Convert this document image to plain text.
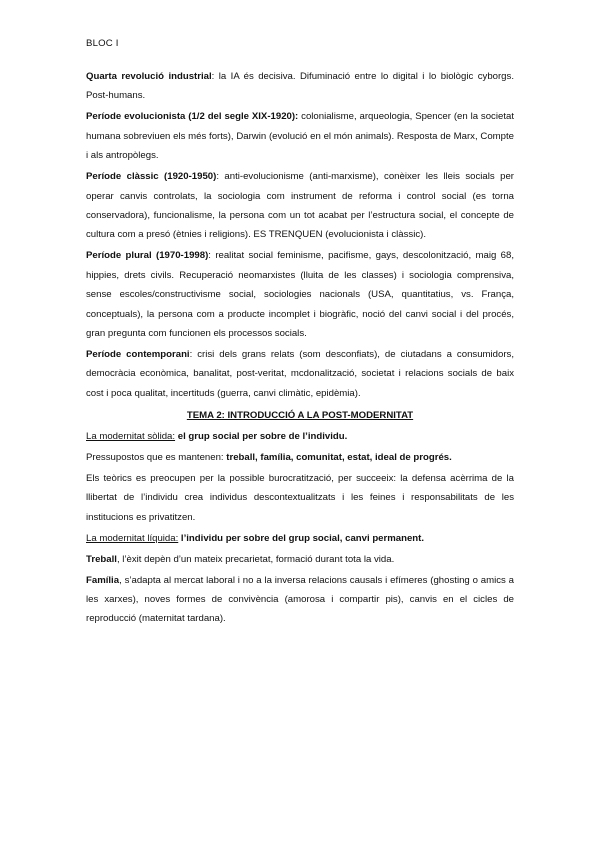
BLOC I

Quarta revolució industrial: la IA és decisiva. Difuminació entre lo digital i lo biològic cyborgs. Post-humans.

Període evolucionista (1/2 del segle XIX-1920): colonialisme, arqueologia, Spencer (en la societat humana sobreviuen els més forts), Darwin (evolució en el món animals). Resposta de Marx, Compte i als antropòlegs.

Període clàssic (1920-1950): anti-evolucionisme (anti-marxisme), conèixer les lleis socials per operar canvis controlats, la sociologia com instrument de reforma i control social (es torna conservadora), funcionalisme, la persona com un tot acabat per l’estructura social, el concepte de cultura com a presó (ètnies i religions). ES TRENQUEN (evolucionista i clàssic).

Període plural (1970-1998): realitat social feminisme, pacifisme, gays, descolonització, maig 68, hippies, drets civils. Recuperació neomarxistes (lluita de les classes) i sociologia comprensiva, sense escoles/constructivisme social, sociologies nacionals (USA, quantitatius, vs. França, conceptuals), la persona com a producte incomplet i biogràfic, noció del canvi social i del procés, gran pregunta com funcionen els processos socials.

Període contemporani: crisi dels grans relats (som desconfiats), de ciutadans a consumidors, democràcia econòmica, banalitat, post-veritat, mcdonalització, societat i relacions socials de baix cost i poca qualitat, incertituds (guerra, canvi climàtic, epidèmia).

TEMA 2: INTRODUCCIÓ A LA POST-MODERNITAT

La modernitat sòlida: el grup social per sobre de l’individu.

Pressupostos que es mantenen: treball, família, comunitat, estat, ideal de progrés.

Els teòrics es preocupen per la possible burocratització, per succeeix: la defensa acèrrima de la llibertat de l’individu crea individus descontextualitzats i les feines i responsabilitats de les institucions es privatitzen.

La modernitat líquida: l’individu per sobre del grup social, canvi permanent.

Treball, l’èxit depèn d’un mateix precarietat, formació durant tota la vida.

Família, s’adapta al mercat laboral i no a la inversa relacions causals i efímeres (ghosting o amics a les xarxes), noves formes de convivència (amorosa i compartir pis), canvis en el cicles de reproducció (maternitat tardana).
